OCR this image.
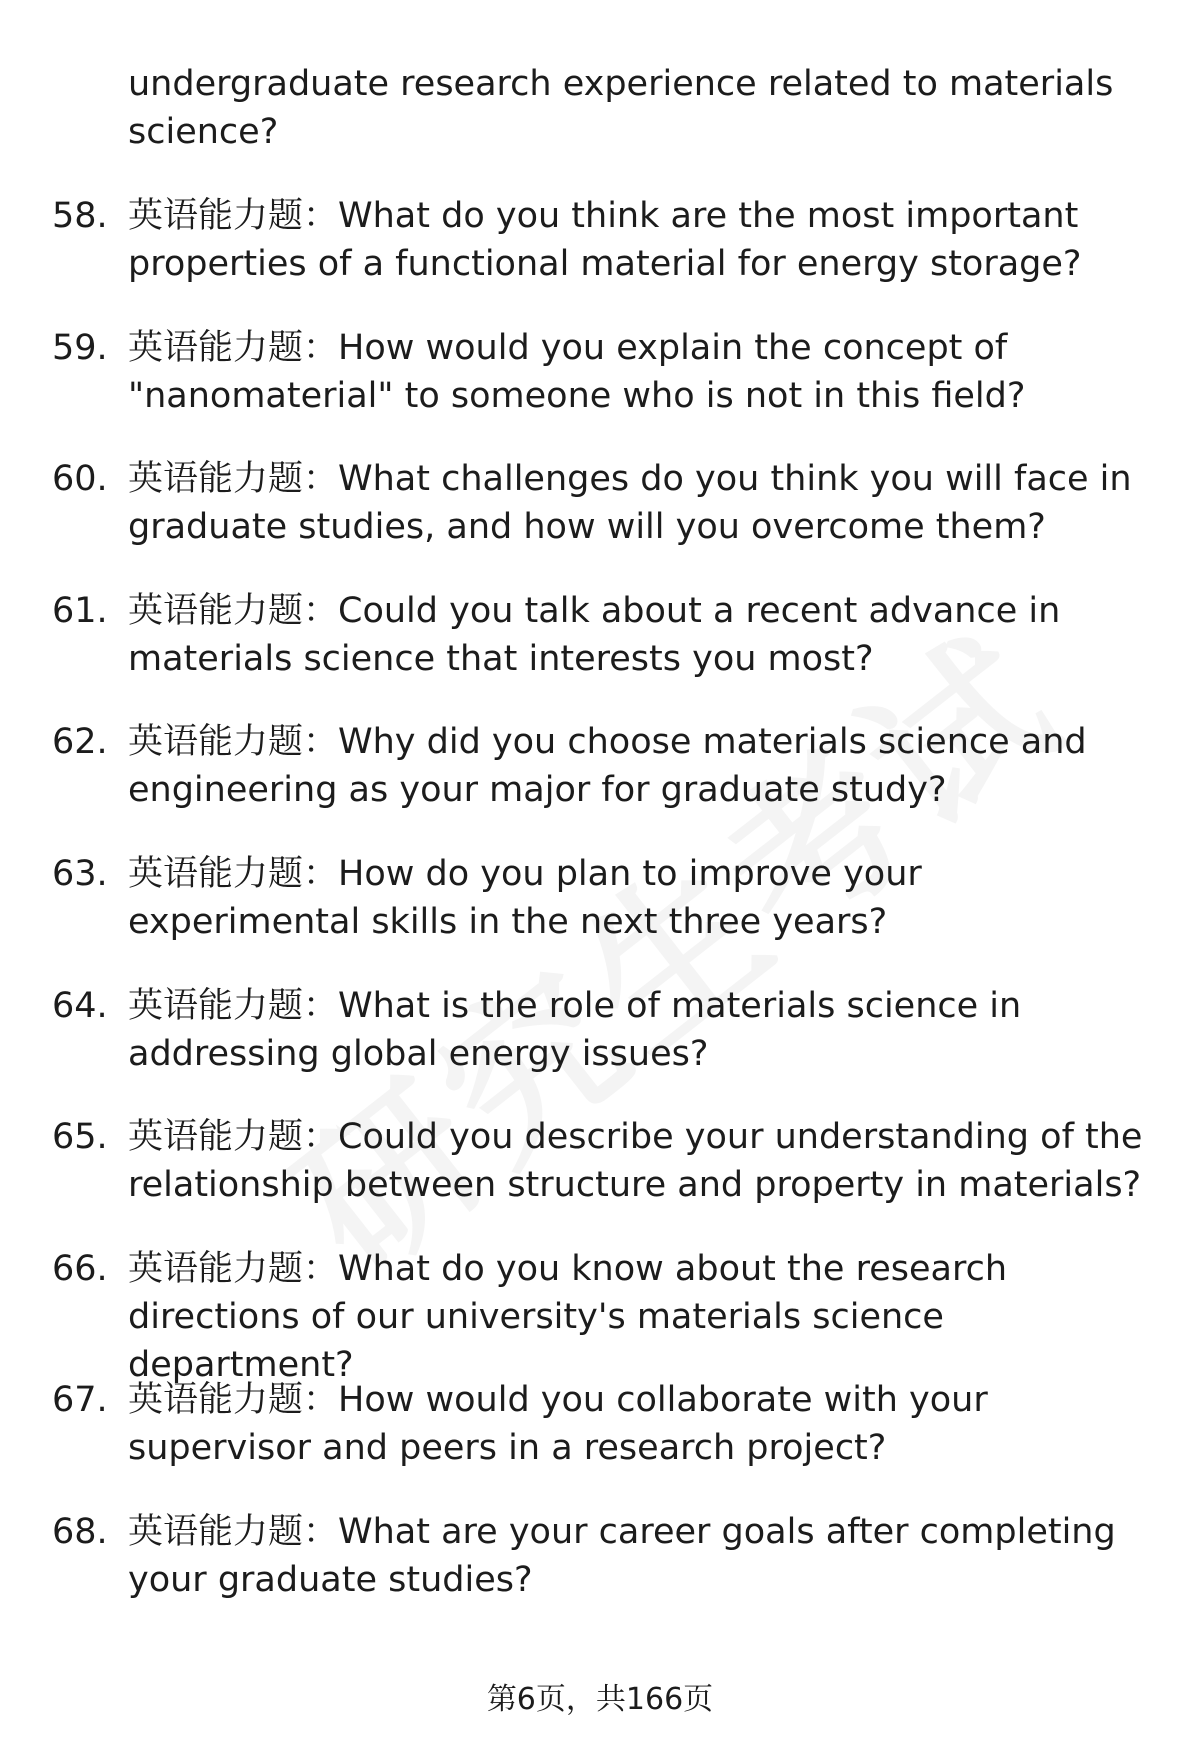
undergraduate research experience related to materials science?
58. 英语能力题：What do you think are the most important properties of a functional material for energy storage?
59. 英语能力题：How would you explain the concept of "nanomaterial" to someone who is not in this field?
60. 英语能力题：What challenges do you think you will face in graduate studies, and how will you overcome them?
61. 英语能力题：Could you talk about a recent advance in materials science that interests you most?
62. 英语能力题：Why did you choose materials science and engineering as your major for graduate study?
63. 英语能力题：How do you plan to improve your experimental skills in the next three years?
64. 英语能力题：What is the role of materials science in addressing global energy issues?
65. 英语能力题：Could you describe your understanding of the relationship between structure and property in materials?
66. 英语能力题：What do you know about the research directions of our university's materials science department?
67. 英语能力题：How would you collaborate with your supervisor and peers in a research project?
68. 英语能力题：What are your career goals after completing your graduate studies?
第6页，共166页
